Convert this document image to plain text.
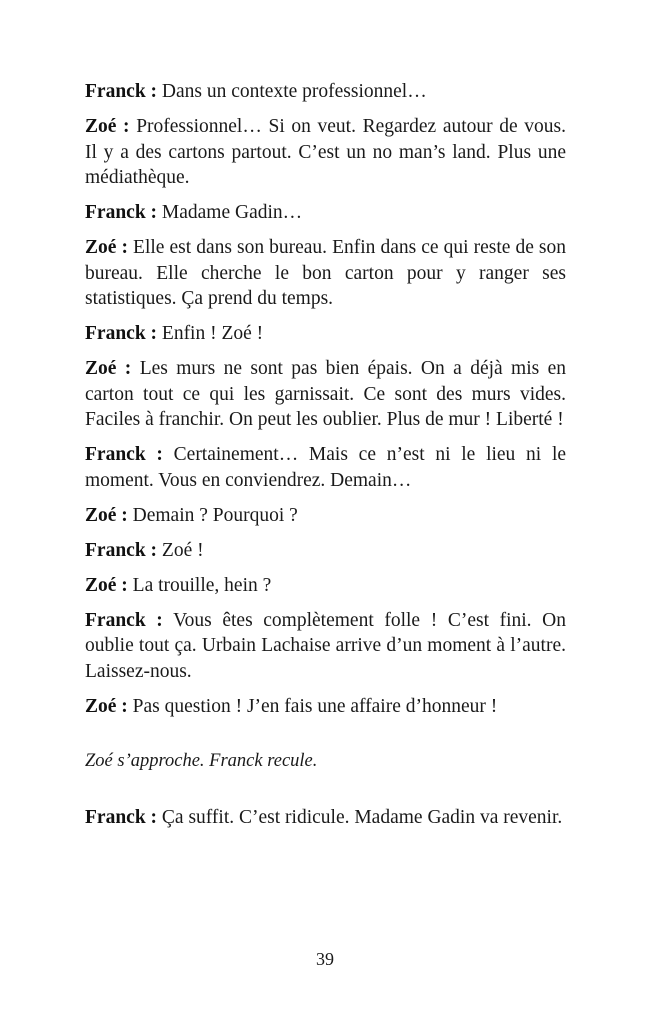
Franck : Dans un contexte professionnel…

Zoé : Professionnel… Si on veut. Regardez autour de vous. Il y a des cartons partout. C’est un no man’s land. Plus une médiathèque.

Franck : Madame Gadin…

Zoé : Elle est dans son bureau. Enfin dans ce qui reste de son bureau. Elle cherche le bon carton pour y ranger ses statistiques. Ça prend du temps.

Franck : Enfin ! Zoé !

Zoé : Les murs ne sont pas bien épais. On a déjà mis en carton tout ce qui les garnissait. Ce sont des murs vides. Faciles à franchir. On peut les oublier. Plus de mur ! Liberté !

Franck : Certainement… Mais ce n’est ni le lieu ni le moment. Vous en conviendrez. Demain…

Zoé : Demain ? Pourquoi ?

Franck : Zoé !

Zoé : La trouille, hein ?

Franck : Vous êtes complètement folle ! C’est fini. On oublie tout ça. Urbain Lachaise arrive d’un moment à l’autre. Laissez-nous.

Zoé : Pas question ! J’en fais une affaire d’honneur !

Zoé s’approche. Franck recule.

Franck : Ça suffit. C’est ridicule. Madame Gadin va revenir.

39
